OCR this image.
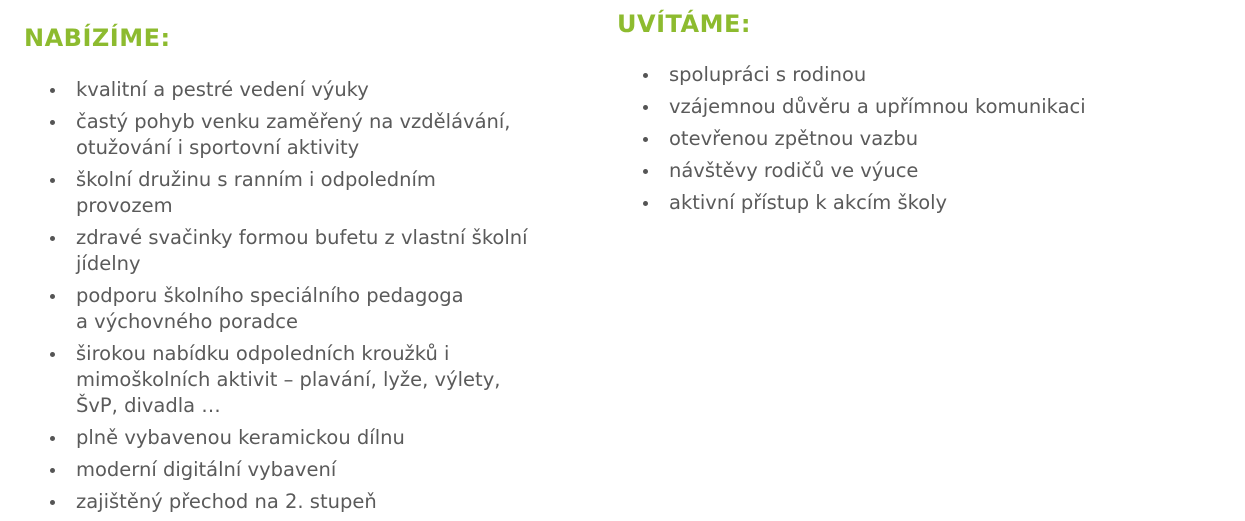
NABÍZÍME:
kvalitní a pestré vedení výuky
častý pohyb venku zaměřený na vzdělávání,
otužování i sportovní aktivity
školní družinu s ranním i odpoledním provozem
zdravé svačinky formou bufetu z vlastní školní
jídelny
podporu školního speciálního pedagoga
a výchovného poradce
širokou nabídku odpoledních kroužků i
mimoškolních aktivit – plavání, lyže, výlety,
ŠvP, divadla …
plně vybavenou keramickou dílnu
moderní digitální vybavení
zajištěný přechod na 2. stupeň
UVÍTÁME:
spolupráci s rodinou
vzájemnou důvěru a upřímnou komunikaci
otevřenou zpětnou vazbu
návštěvy rodičů ve výuce
aktivní přístup k akcím školy
